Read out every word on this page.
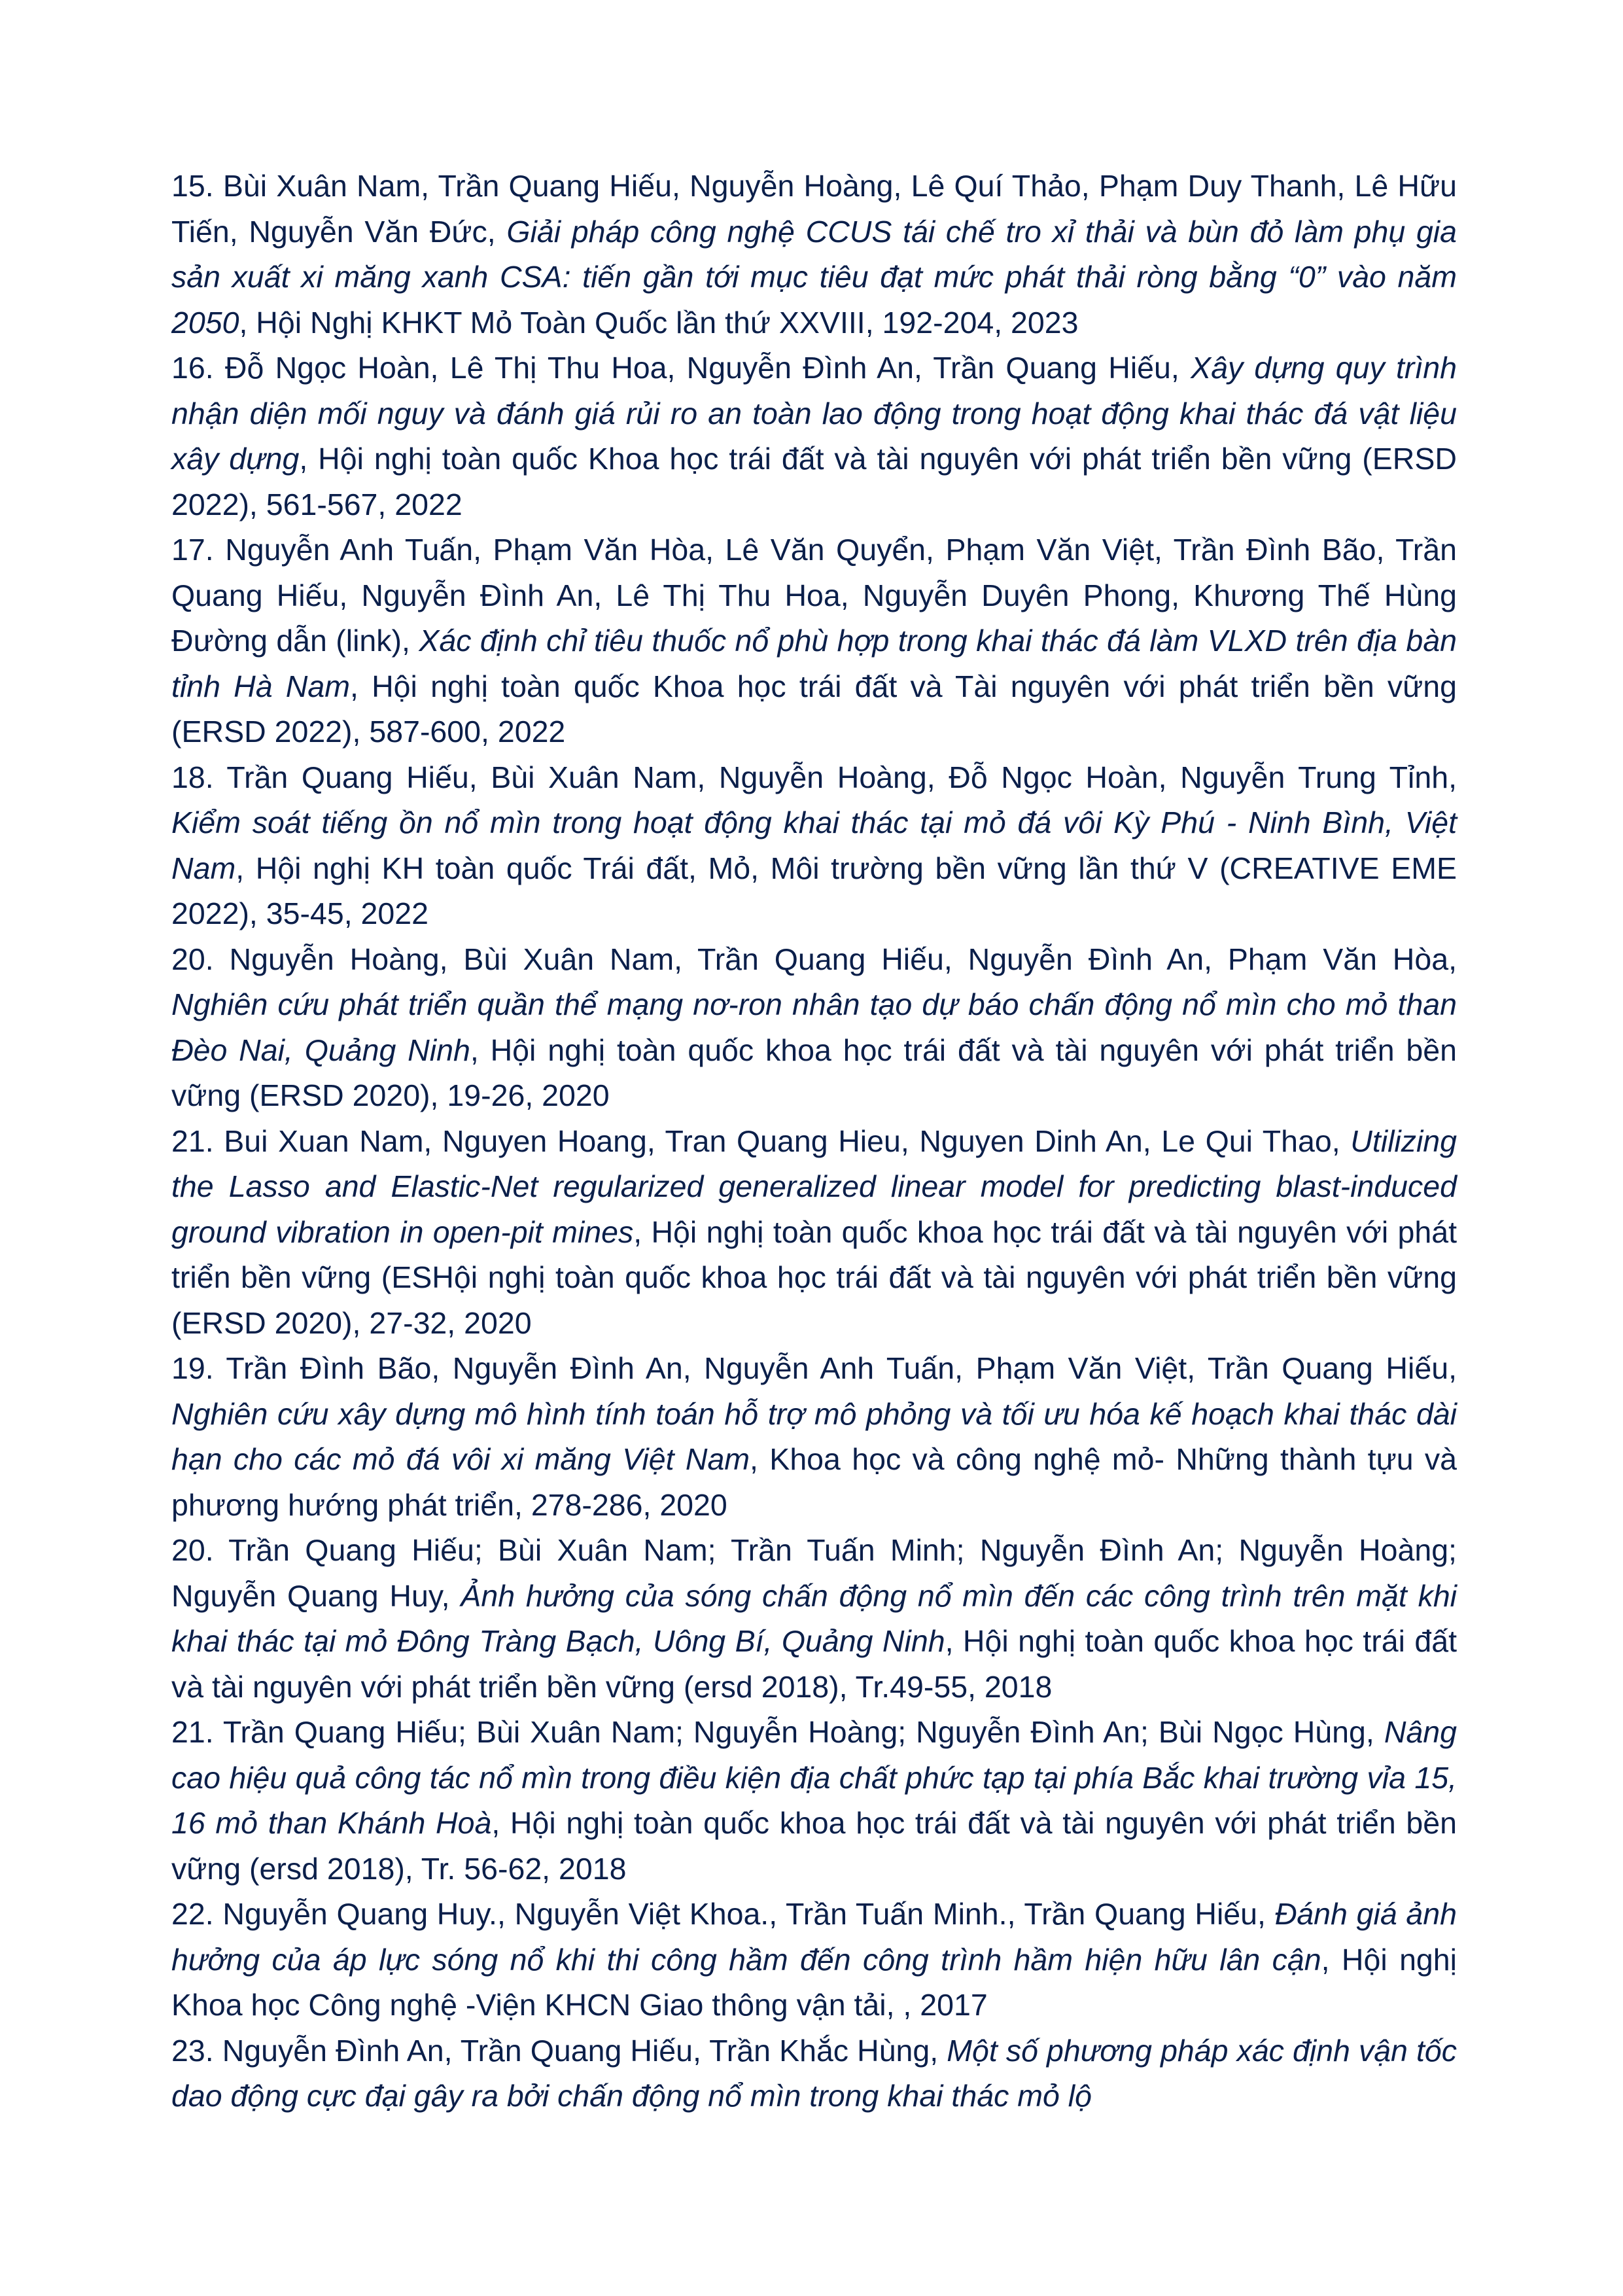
15. Bùi Xuân Nam, Trần Quang Hiếu, Nguyễn Hoàng, Lê Quí Thảo, Phạm Duy Thanh, Lê Hữu Tiến, Nguyễn Văn Đức, Giải pháp công nghệ CCUS tái chế tro xỉ thải và bùn đỏ làm phụ gia sản xuất xi măng xanh CSA: tiến gần tới mục tiêu đạt mức phát thải ròng bằng “0” vào năm 2050, Hội Nghị KHKT Mỏ Toàn Quốc lần thứ XXVIII, 192-204, 2023

16. Đỗ Ngọc Hoàn, Lê Thị Thu Hoa, Nguyễn Đình An, Trần Quang Hiếu, Xây dựng quy trình nhận diện mối nguy và đánh giá rủi ro an toàn lao động trong hoạt động khai thác đá vật liệu xây dựng, Hội nghị toàn quốc Khoa học trái đất và tài nguyên với phát triển bền vững (ERSD 2022), 561-567, 2022

17. Nguyễn Anh Tuấn, Phạm Văn Hòa, Lê Văn Quyển, Phạm Văn Việt, Trần Đình Bão, Trần Quang Hiếu, Nguyễn Đình An, Lê Thị Thu Hoa, Nguyễn Duyên Phong, Khương Thế Hùng Đường dẫn (link), Xác định chỉ tiêu thuốc nổ phù hợp trong khai thác đá làm VLXD trên địa bàn tỉnh Hà Nam, Hội nghị toàn quốc Khoa học trái đất và Tài nguyên với phát triển bền vững (ERSD 2022), 587-600, 2022

18. Trần Quang Hiếu, Bùi Xuân Nam, Nguyễn Hoàng, Đỗ Ngọc Hoàn, Nguyễn Trung Tỉnh, Kiểm soát tiếng ồn nổ mìn trong hoạt động khai thác tại mỏ đá vôi Kỳ Phú - Ninh Bình, Việt Nam, Hội nghị KH toàn quốc Trái đất, Mỏ, Môi trường bền vững lần thứ V (CREATIVE EME 2022), 35-45, 2022

20. Nguyễn Hoàng, Bùi Xuân Nam, Trần Quang Hiếu, Nguyễn Đình An, Phạm Văn Hòa, Nghiên cứu phát triển quần thể mạng nơ-ron nhân tạo dự báo chấn động nổ mìn cho mỏ than Đèo Nai, Quảng Ninh, Hội nghị toàn quốc khoa học trái đất và tài nguyên với phát triển bền vững (ERSD 2020), 19-26, 2020

21. Bui Xuan Nam, Nguyen Hoang, Tran Quang Hieu, Nguyen Dinh An, Le Qui Thao, Utilizing the Lasso and Elastic-Net regularized generalized linear model for predicting blast-induced ground vibration in open-pit mines, Hội nghị toàn quốc khoa học trái đất và tài nguyên với phát triển bền vững (ESHội nghị toàn quốc khoa học trái đất và tài nguyên với phát triển bền vững (ERSD 2020), 27-32, 2020

19. Trần Đình Bão, Nguyễn Đình An, Nguyễn Anh Tuấn, Phạm Văn Việt, Trần Quang Hiếu, Nghiên cứu xây dựng mô hình tính toán hỗ trợ mô phỏng và tối ưu hóa kế hoạch khai thác dài hạn cho các mỏ đá vôi xi măng Việt Nam, Khoa học và công nghệ mỏ- Những thành tựu và phương hướng phát triển, 278-286, 2020

20. Trần Quang Hiếu; Bùi Xuân Nam; Trần Tuấn Minh; Nguyễn Đình An; Nguyễn Hoàng; Nguyễn Quang Huy, Ảnh hưởng của sóng chấn động nổ mìn đến các công trình trên mặt khi khai thác tại mỏ Đông Tràng Bạch, Uông Bí, Quảng Ninh, Hội nghị toàn quốc khoa học trái đất và tài nguyên với phát triển bền vững (ersd 2018), Tr.49-55, 2018

21. Trần Quang Hiếu; Bùi Xuân Nam; Nguyễn Hoàng; Nguyễn Đình An; Bùi Ngọc Hùng, Nâng cao hiệu quả công tác nổ mìn trong điều kiện địa chất phức tạp tại phía Bắc khai trường vỉa 15, 16 mỏ than Khánh Hoà, Hội nghị toàn quốc khoa học trái đất và tài nguyên với phát triển bền vững (ersd 2018), Tr. 56-62, 2018

22. Nguyễn Quang Huy., Nguyễn Việt Khoa., Trần Tuấn Minh., Trần Quang Hiếu, Đánh giá ảnh hưởng của áp lực sóng nổ khi thi công hầm đến công trình hầm hiện hữu lân cận, Hội nghị Khoa học Công nghệ -Viện KHCN Giao thông vận tải, , 2017

23. Nguyễn Đình An, Trần Quang Hiếu, Trần Khắc Hùng, Một số phương pháp xác định vận tốc dao động cực đại gây ra bởi chấn động nổ mìn trong khai thác mỏ lộ
